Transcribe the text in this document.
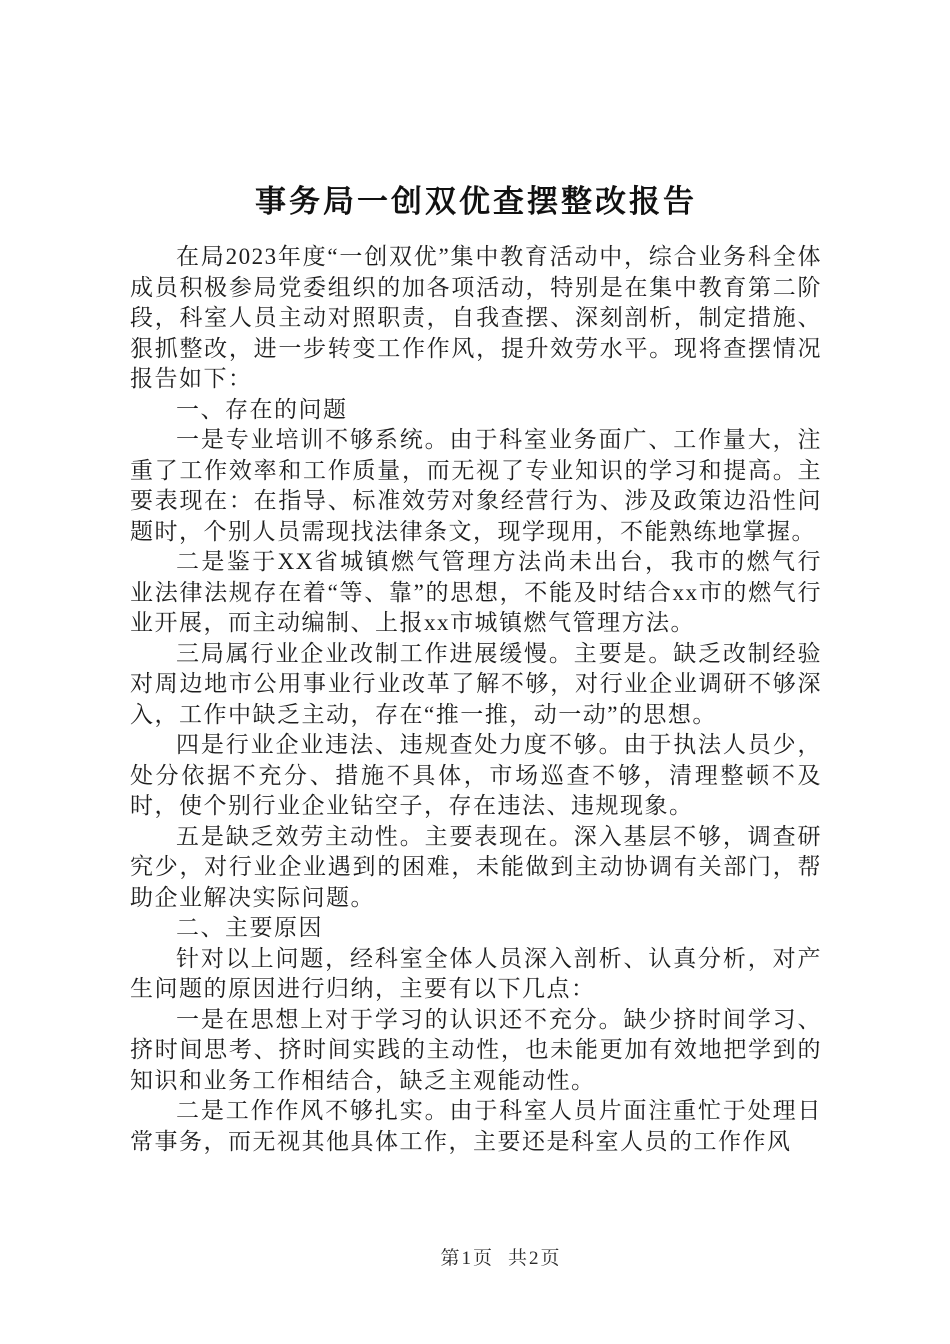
事务局一创双优查摆整改报告

在局2023年度“一创双优”集中教育活动中，综合业务科全体成员积极参局党委组织的加各项活动，特别是在集中教育第二阶段，科室人员主动对照职责，自我查摆、深刻剖析，制定措施、狠抓整改，进一步转变工作作风，提升效劳水平。现将查摆情况报告如下：

一、存在的问题

一是专业培训不够系统。由于科室业务面广、工作量大，注重了工作效率和工作质量，而无视了专业知识的学习和提高。主要表现在：在指导、标准效劳对象经营行为、涉及政策边沿性问题时，个别人员需现找法律条文，现学现用，不能熟练地掌握。

二是鉴于XX省城镇燃气管理方法尚未出台，我市的燃气行业法律法规存在着“等、靠”的思想，不能及时结合xx市的燃气行业开展，而主动编制、上报xx市城镇燃气管理方法。

三局属行业企业改制工作进展缓慢。主要是。缺乏改制经验对周边地市公用事业行业改革了解不够，对行业企业调研不够深入，工作中缺乏主动，存在“推一推，动一动”的思想。

四是行业企业违法、违规查处力度不够。由于执法人员少，处分依据不充分、措施不具体，市场巡查不够，清理整顿不及时，使个别行业企业钻空子，存在违法、违规现象。

五是缺乏效劳主动性。主要表现在。深入基层不够，调查研究少，对行业企业遇到的困难，未能做到主动协调有关部门，帮助企业解决实际问题。

二、主要原因

针对以上问题，经科室全体人员深入剖析、认真分析，对产生问题的原因进行归纳，主要有以下几点：

一是在思想上对于学习的认识还不充分。缺少挤时间学习、挤时间思考、挤时间实践的主动性，也未能更加有效地把学到的知识和业务工作相结合，缺乏主观能动性。

二是工作作风不够扎实。由于科室人员片面注重忙于处理日常事务，而无视其他具体工作，主要还是科室人员的工作作风

第1页 共2页
